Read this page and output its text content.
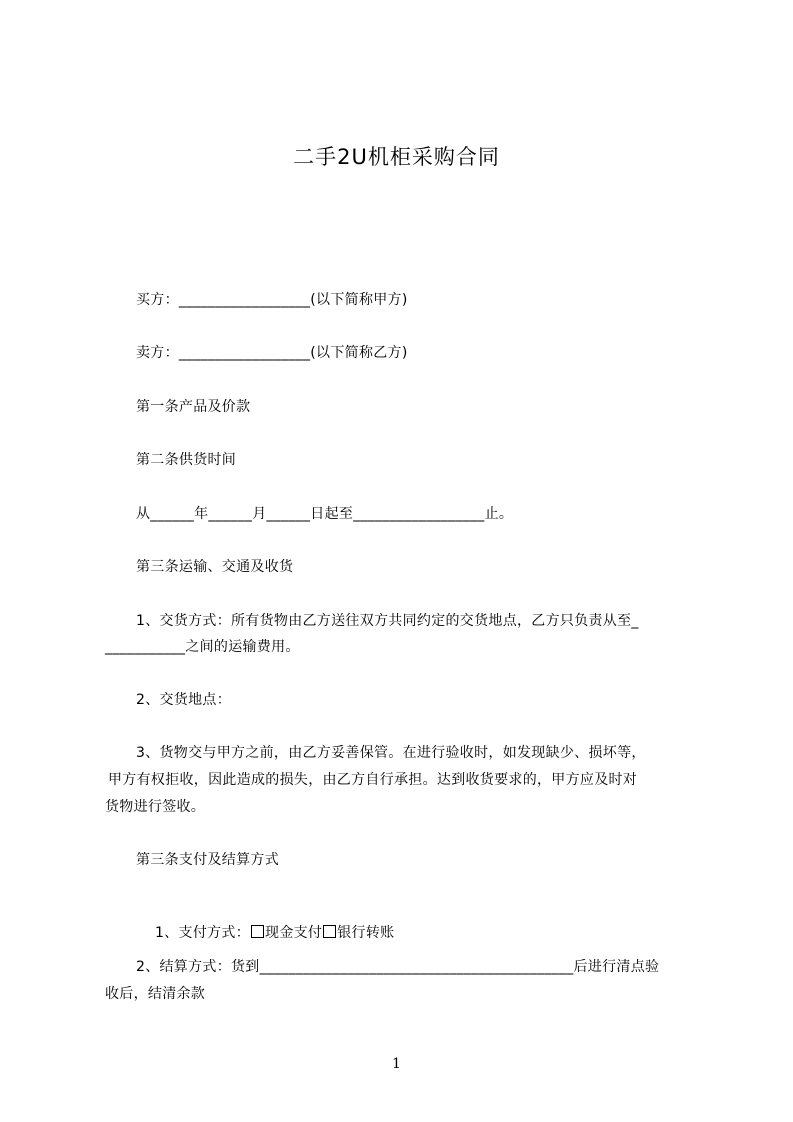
二手2U机柜采购合同
买方：__________________(以下简称甲方)
卖方：__________________(以下简称乙方)
第一条产品及价款
第二条供货时间
从______年______月______日起至__________________止。
第三条运输、交通及收货
1、交货方式：所有货物由乙方送往双方共同约定的交货地点，乙方只负责从至_
___________之间的运输费用。
2、交货地点：
3、货物交与甲方之前，由乙方妥善保管。在进行验收时，如发现缺少、损坏等，
甲方有权拒收，因此造成的损失，由乙方自行承担。达到收货要求的，甲方应及时对
货物进行签收。
第三条支付及结算方式

1、支付方式： 现金支付 银行转账

2、结算方式：货到___________________________________________后进行清点验
收后，结清余款
1
